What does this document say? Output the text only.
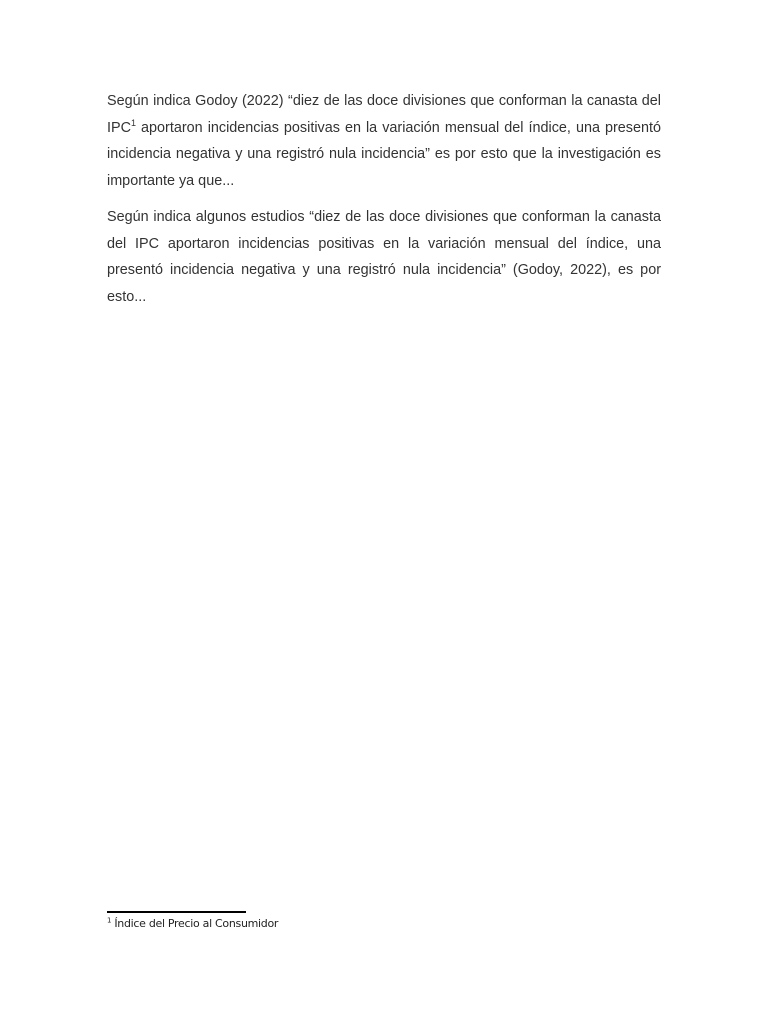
Según indica Godoy (2022) “diez de las doce divisiones que conforman la canasta del IPC$^1$ aportaron incidencias positivas en la variación mensual del índice, una presentó incidencia negativa y una registró nula incidencia” es por esto que la investigación es importante ya que...

Según indica algunos estudios “diez de las doce divisiones que conforman la canasta del IPC aportaron incidencias positivas en la variación mensual del índice, una presentó incidencia negativa y una registró nula incidencia” (Godoy, 2022), es por esto...

$^1$ Índice del Precio al Consumidor
